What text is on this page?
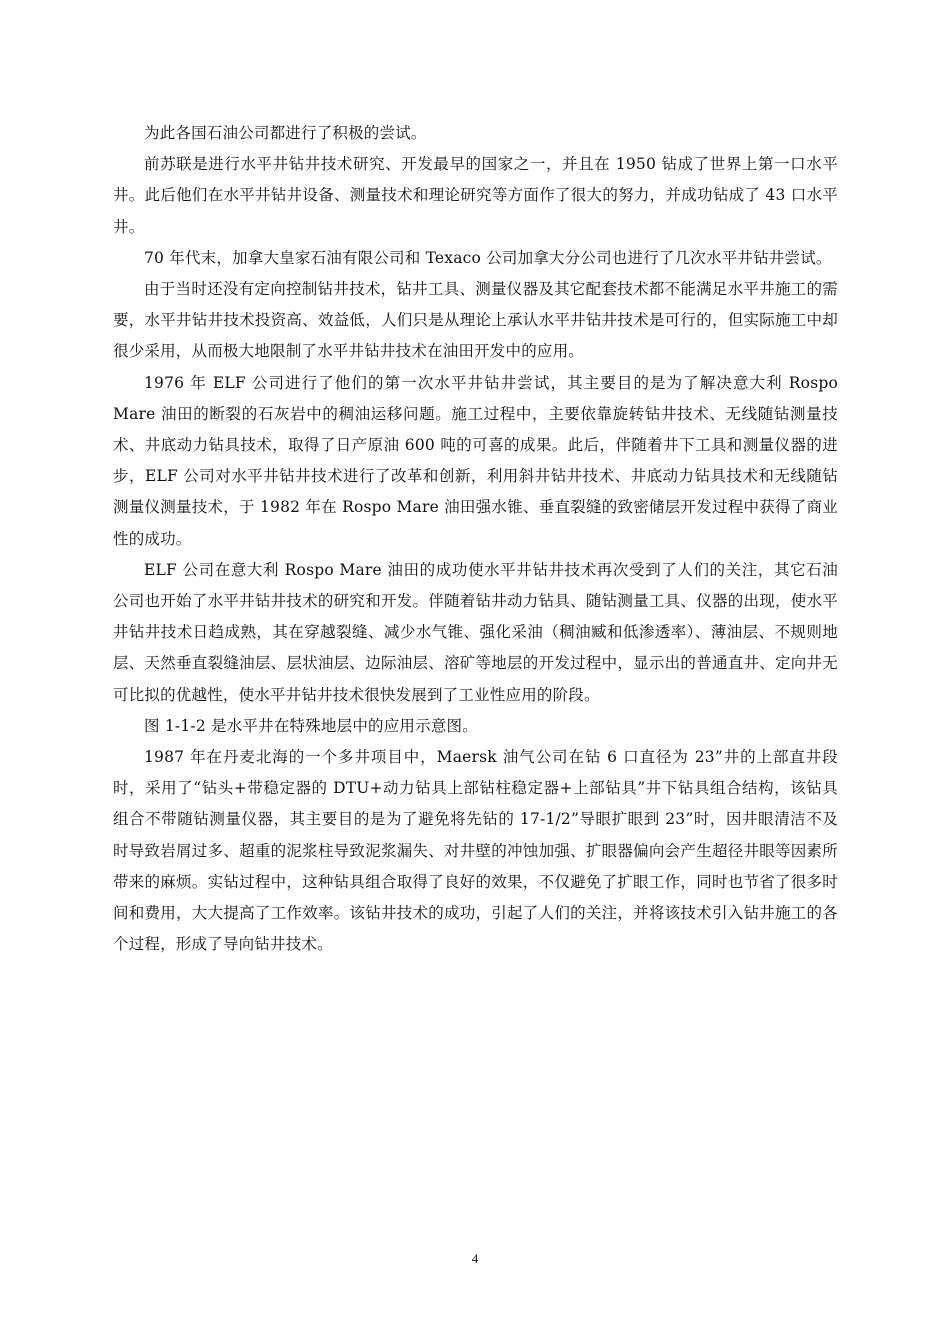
为此各国石油公司都进行了积极的尝试。

前苏联是进行水平井钻井技术研究、开发最早的国家之一，并且在 1950 钻成了世界上第一口水平井。此后他们在水平井钻井设备、测量技术和理论研究等方面作了很大的努力，并成功钻成了 43 口水平井。

70 年代末，加拿大皇家石油有限公司和 Texaco 公司加拿大分公司也进行了几次水平井钻井尝试。

由于当时还没有定向控制钻井技术，钻井工具、测量仪器及其它配套技术都不能满足水平井施工的需要，水平井钻井技术投资高、效益低，人们只是从理论上承认水平井钻井技术是可行的，但实际施工中却很少采用，从而极大地限制了水平井钻井技术在油田开发中的应用。

1976 年 ELF 公司进行了他们的第一次水平井钻井尝试，其主要目的是为了解决意大利 Rospo Mare 油田的断裂的石灰岩中的稠油运移问题。施工过程中，主要依靠旋转钻井技术、无线随钻测量技术、井底动力钻具技术，取得了日产原油 600 吨的可喜的成果。此后，伴随着井下工具和测量仪器的进步，ELF 公司对水平井钻井技术进行了改革和创新，利用斜井钻井技术、井底动力钻具技术和无线随钻测量仪测量技术，于 1982 年在 Rospo Mare 油田强水锥、垂直裂缝的致密储层开发过程中获得了商业性的成功。

ELF 公司在意大利 Rospo Mare 油田的成功使水平井钻井技术再次受到了人们的关注，其它石油公司也开始了水平井钻井技术的研究和开发。伴随着钻井动力钻具、随钻测量工具、仪器的出现，使水平井钻井技术日趋成熟，其在穿越裂缝、减少水气锥、强化采油（稠油臧和低渗透率）、薄油层、不规则地层、天然垂直裂缝油层、层状油层、边际油层、溶矿等地层的开发过程中，显示出的普通直井、定向井无可比拟的优越性，使水平井钻井技术很快发展到了工业性应用的阶段。

图 1-1-2 是水平井在特殊地层中的应用示意图。

1987 年在丹麦北海的一个多井项目中，Maersk 油气公司在钻 6 口直径为 23”井的上部直井段时，采用了“钻头+带稳定器的 DTU+动力钻具上部钻柱稳定器+上部钻具”井下钻具组合结构，该钻具组合不带随钻测量仪器，其主要目的是为了避免将先钻的 17-1/2”导眼扩眼到 23”时，因井眼清洁不及时导致岩屑过多、超重的泥浆柱导致泥浆漏失、对井壁的冲蚀加强、扩眼器偏向会产生超径井眼等因素所带来的麻烦。实钻过程中，这种钻具组合取得了良好的效果，不仅避免了扩眼工作，同时也节省了很多时间和费用，大大提高了工作效率。该钻井技术的成功，引起了人们的关注，并将该技术引入钻井施工的各个过程，形成了导向钻井技术。

4
